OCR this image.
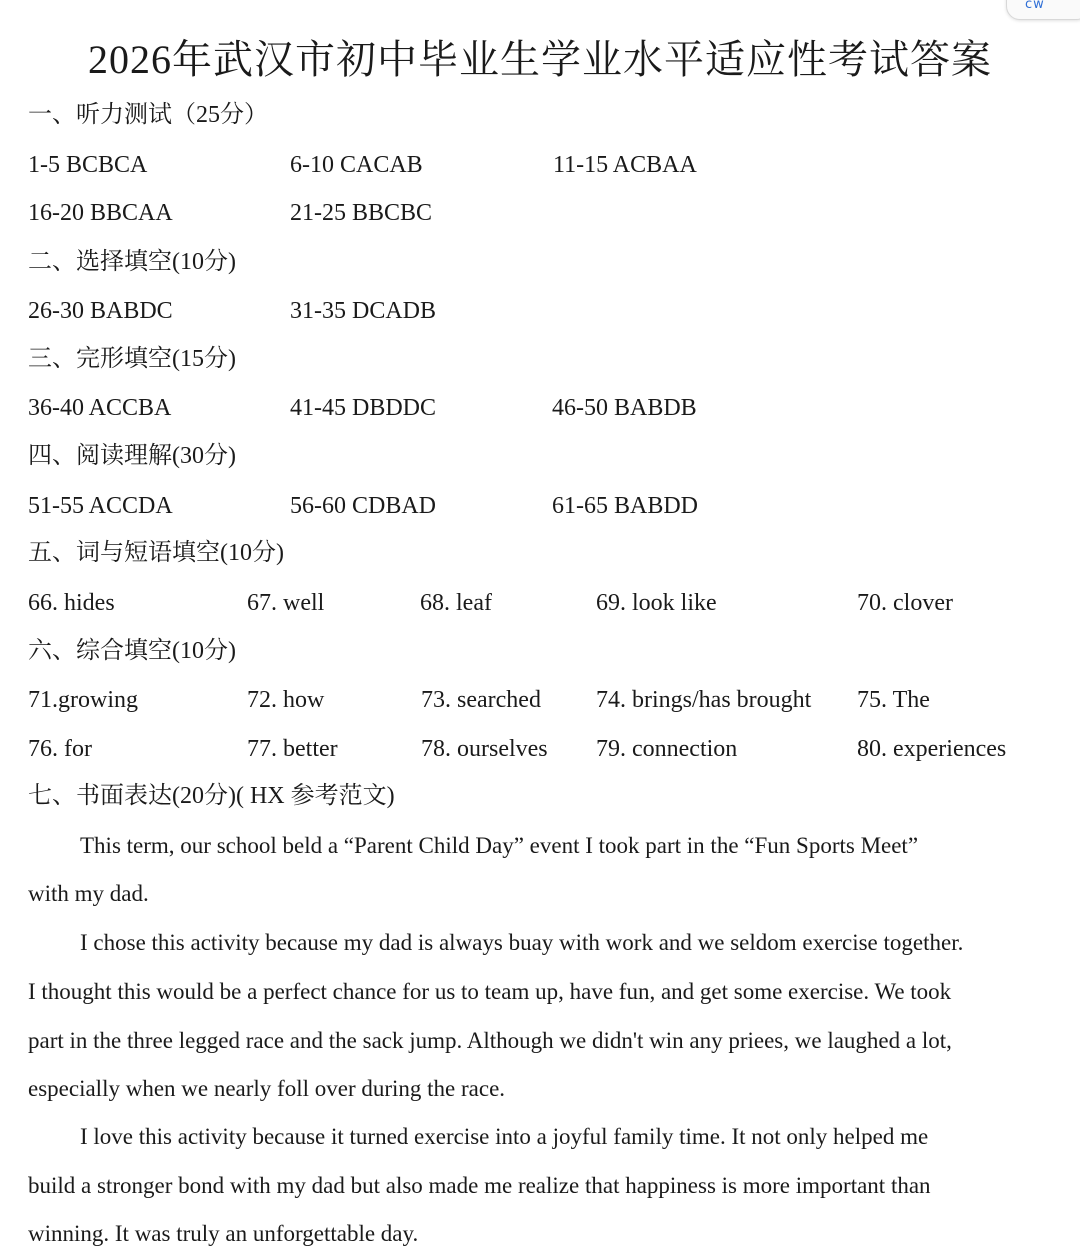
cw
2026年武汉市初中毕业生学业水平适应性考试答案
一、听力测试（25分）
1-5 BCBCA	6-10 CACAB	11-15 ACBAA
16-20 BBCAA	21-25 BBCBC
二、选择填空(10分)
26-30 BABDC	31-35 DCADB
三、完形填空(15分)
36-40 ACCBA	41-45 DBDDC	46-50 BABDB
四、阅读理解(30分)
51-55 ACCDA	56-60 CDBAD	61-65 BABDD
五、词与短语填空(10分)
66. hides	67. well	68. leaf	69. look like	70. clover
六、综合填空(10分)
71.growing	72. how	73. searched 74. brings/has brought 75. The
76. for	77. better	78. ourselves 79. connection	80. experiences
七、书面表达(20分)( HX 参考范文)
This term, our school beld a “Parent Child Day” event I took part in the “Fun Sports Meet”
with my dad.
I chose this activity because my dad is always buay with work and we seldom exercise together.
I thought this would be a perfect chance for us to team up, have fun, and get some exercise. We took
part in the three legged race and the sack jump. Although we didn't win any priees, we laughed a lot,
especially when we nearly foll over during the race.
I love this activity because it turned exercise into a joyful family time. It not only helped me
build a stronger bond with my dad but also made me realize that happiness is more important than
winning. It was truly an unforgettable day.
